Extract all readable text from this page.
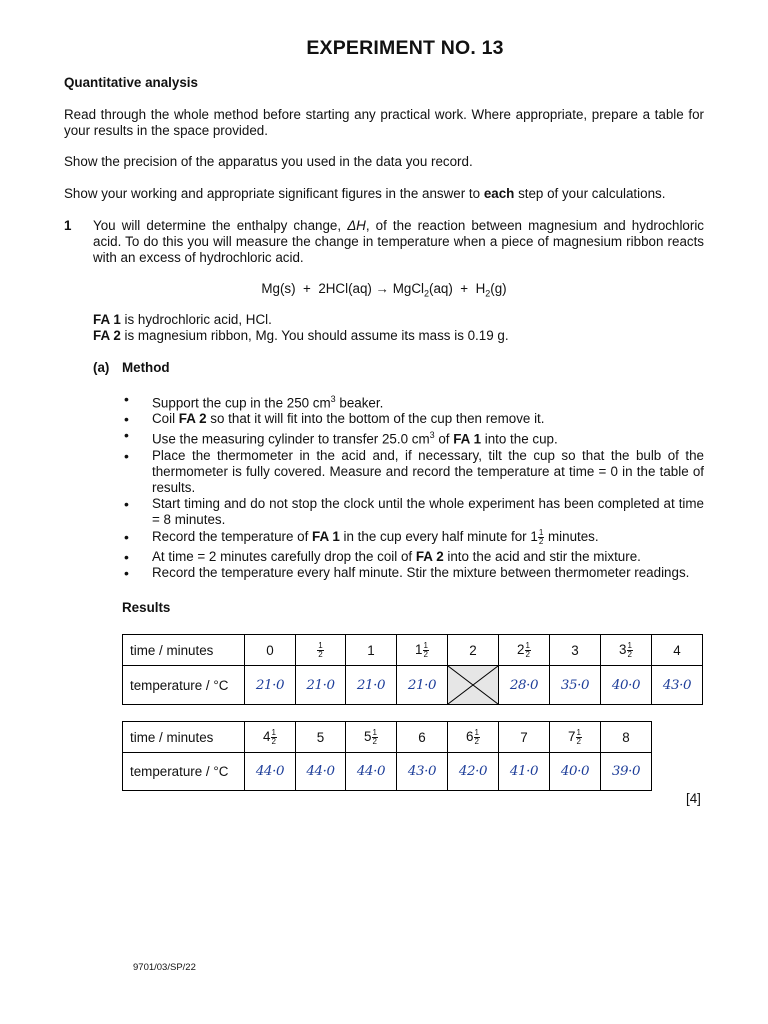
EXPERIMENT NO. 13
Quantitative analysis
Read through the whole method before starting any practical work. Where appropriate, prepare a table for your results in the space provided.
Show the precision of the apparatus you used in the data you record.
Show your working and appropriate significant figures in the answer to each step of your calculations.
1 You will determine the enthalpy change, ΔH, of the reaction between magnesium and hydrochloric acid. To do this you will measure the change in temperature when a piece of magnesium ribbon reacts with an excess of hydrochloric acid.
Mg(s) + 2HCl(aq) → MgCl$_2$(aq) + $H_2(g)$
FA 1 is hydrochloric acid, HCl.
FA 2 is magnesium ribbon, Mg. You should assume its mass is 0.19 g.
(a) Method
• Support the cup in the 250 $cm^3$ beaker.
• Coil FA 2 so that it will fit into the bottom of the cup then remove it.
• Use the measuring cylinder to transfer 25.0 $cm^3$ of FA 1 into the cup.
• Place the thermometer in the acid and, if necessary, tilt the cup so that the bulb of the thermometer is fully covered. Measure and record the temperature at time = 0 in the table of results.
• Start timing and do not stop the clock until the whole experiment has been completed at time = 8 minutes.
• Record the temperature of FA 1 in the cup every half minute for $1 \frac{1}{2}$ minutes.
• At time = 2 minutes carefully drop the coil of FA 2 into the acid and stir the mixture.
• Record the temperature every half minute. Stir the mixture between thermometer readings.
Results
time / minutes	0	$\frac{1}{2}$	1	$1 \frac{1}{2}$	2	$2 \frac{1}{2}$	3	$3 \frac{1}{2}$	4
temperature / °C	21·0	21·0	21·0	21·0		28·0	35·0	40·0	43·0
time / minutes	$4 \frac{1}{2}$	5	$5 \frac{1}{2}$	6	$6 \frac{1}{2}$	7	$7 \frac{1}{2}$	8
temperature / °C	44·0	44·0	44·0	43·0	42·0	41·0	40·0	39·0
[4]
9701/03/SP/22
